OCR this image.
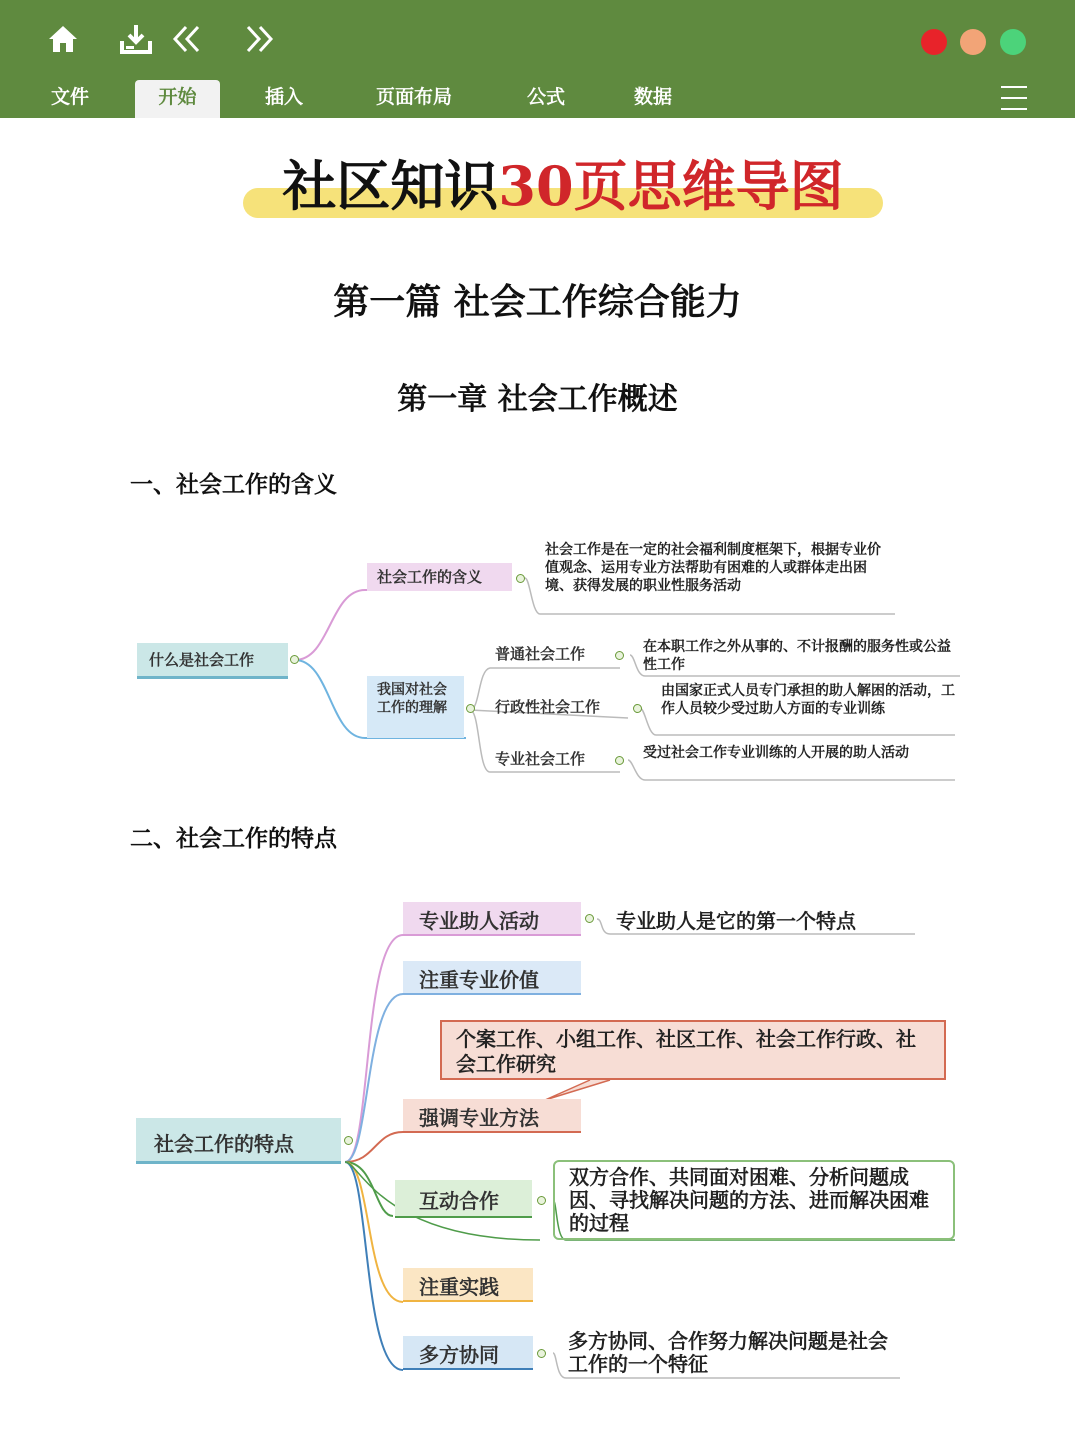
文件	开始	插入	页面布局	公式	数据
社区知识30页思维导图
第一篇 社会工作综合能力
第一章 社会工作概述
一、社会工作的含义
二、社会工作的特点
什么是社会工作
社会工作的含义
社会工作是在一定的社会福利制度框架下，根据专业价值观念、运用专业方法帮助有困难的人或群体走出困境、获得发展的职业性服务活动
我国对社会工作的理解
普通社会工作	在本职工作之外从事的、不计报酬的服务性或公益性工作
行政性社会工作
由国家正式人员专门承担的助人解困的活动，工作人员较少受过助人方面的专业训练
专业社会工作	受过社会工作专业训练的人开展的助人活动
社会工作的特点
专业助人活动	专业助人是它的第一个特点
注重专业价值
个案工作、小组工作、社区工作、社会工作行政、社会工作研究
强调专业方法
互动合作
双方合作、共同面对困难、分析问题成因、寻找解决问题的方法、进而解决困难的过程
注重实践
多方协同
多方协同、合作努力解决问题是社会工作的一个特征
